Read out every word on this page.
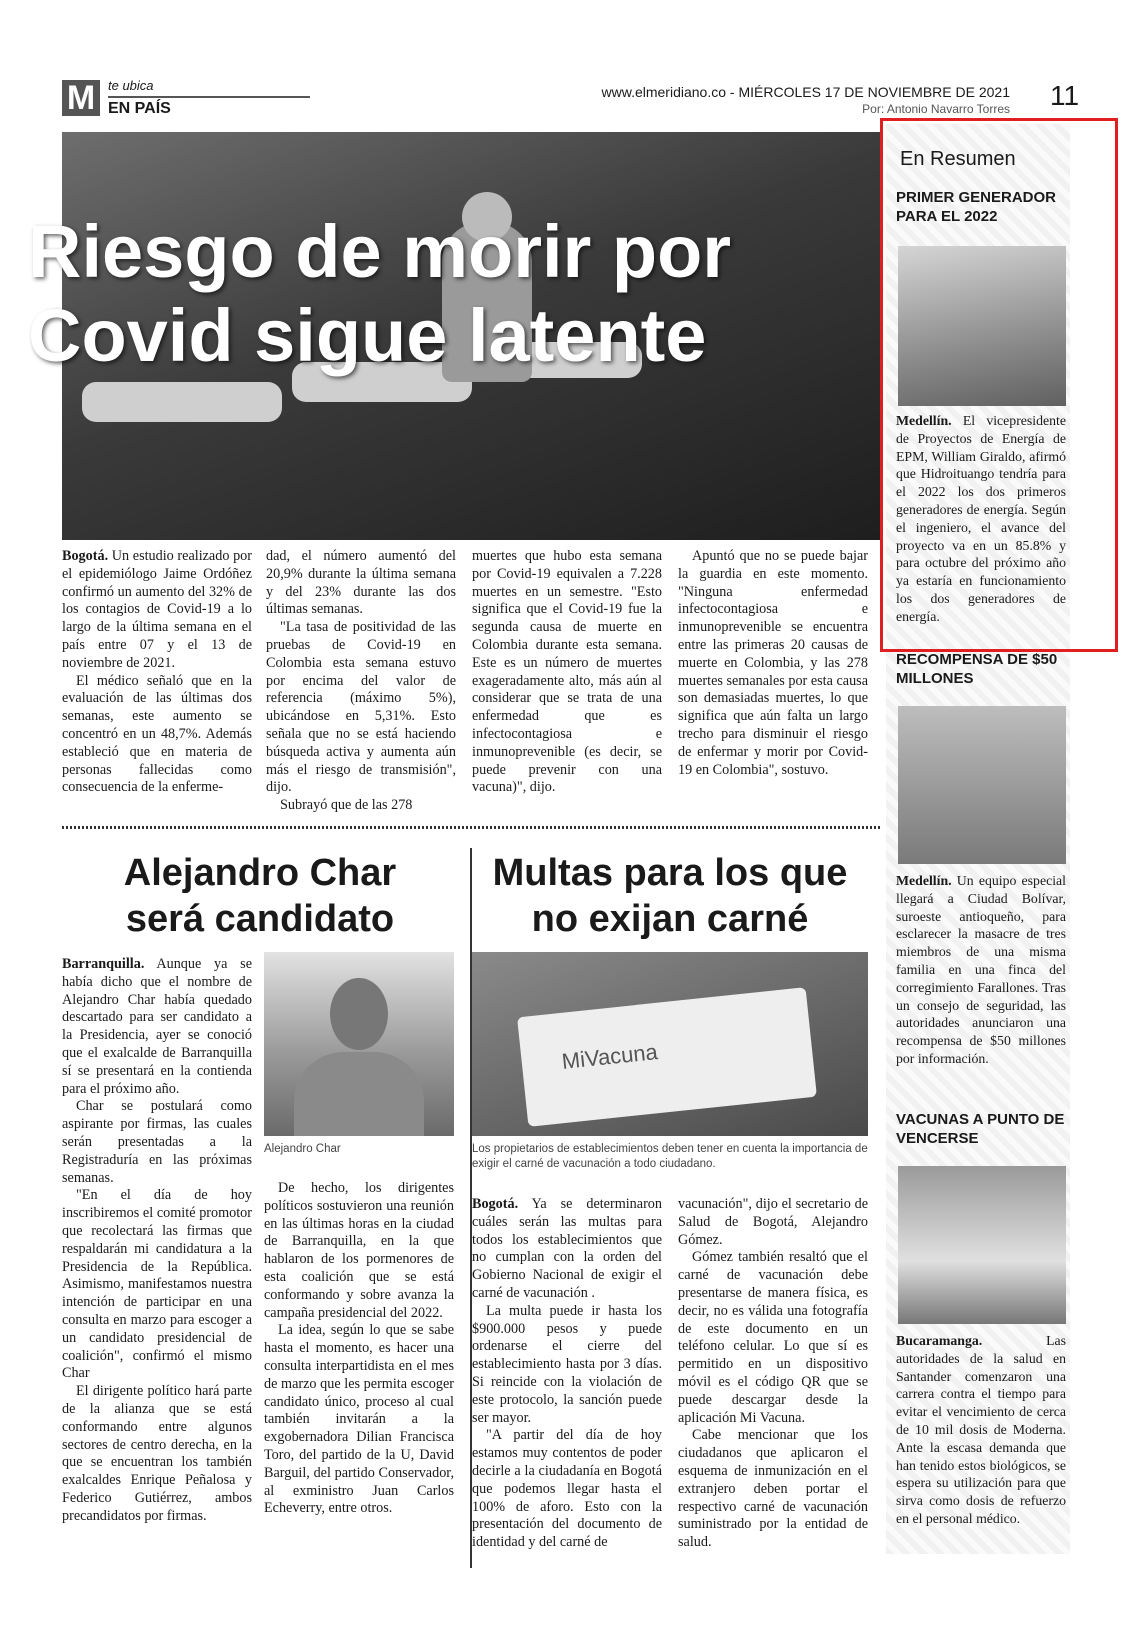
M te ubica
EN PAÍS
www.elmeridiano.co - MIÉRCOLES 17 DE NOVIEMBRE DE 2021
Por: Antonio Navarro Torres 11
Riesgo de morir por
Covid sigue latente

Bogotá. Un estudio realizado por el epidemiólogo Jaime Ordóñez confirmó un aumento del 32% de los contagios de Covid-19 a lo largo de la última semana en el país entre 07 y el 13 de noviembre de 2021.

El médico señaló que en la evaluación de las últimas dos semanas, este aumento se concentró en un 48,7%. Además estableció que en materia de personas fallecidas como consecuencia de la enferme-

dad, el número aumentó del 20,9% durante la última semana y del 23% durante las dos últimas semanas.

"La tasa de positividad de las pruebas de Covid-19 en Colombia esta semana estuvo por encima del valor de referencia (máximo 5%), ubicándose en 5,31%. Esto señala que no se está haciendo búsqueda activa y aumenta aún más el riesgo de transmisión", dijo.

Subrayó que de las 278

muertes que hubo esta semana por Covid-19 equivalen a 7.228 muertes en un semestre. "Esto significa que el Covid-19 fue la segunda causa de muerte en Colombia durante esta semana. Este es un número de muertes exageradamente alto, más aún al considerar que se trata de una enfermedad que es infectocontagiosa e inmunoprevenible (es decir, se puede prevenir con una vacuna)", dijo.

Apuntó que no se puede bajar la guardia en este momento. "Ninguna enfermedad infectocontagiosa e inmunoprevenible se encuentra entre las primeras 20 causas de muerte en Colombia, y las 278 muertes semanales por esta causa son demasiadas muertes, lo que significa que aún falta un largo trecho para disminuir el riesgo de enfermar y morir por Covid-19 en Colombia", sostuvo.

Alejandro Char
será candidato

Barranquilla. Aunque ya se había dicho que el nombre de Alejandro Char había quedado descartado para ser candidato a la Presidencia, ayer se conoció que el exalcalde de Barranquilla sí se presentará en la contienda para el próximo año.

Char se postulará como aspirante por firmas, las cuales serán presentadas a la Registraduría en las próximas semanas.

"En el día de hoy inscribiremos el comité promotor que recolectará las firmas que respaldarán mi candidatura a la Presidencia de la República. Asimismo, manifestamos nuestra intención de participar en una consulta en marzo para escoger a un candidato presidencial de coalición", confirmó el mismo Char

El dirigente político hará parte de la alianza que se está conformando entre algunos sectores de centro derecha, en la que se encuentran los también exalcaldes Enrique Peñalosa y Federico Gutiérrez, ambos precandidatos por firmas.

Alejandro Char

De hecho, los dirigentes políticos sostuvieron una reunión en las últimas horas en la ciudad de Barranquilla, en la que hablaron de los pormenores de esta coalición que se está conformando y sobre avanza la campaña presidencial del 2022.

La idea, según lo que se sabe hasta el momento, es hacer una consulta interpartidista en el mes de marzo que les permita escoger candidato único, proceso al cual también invitarán a la exgobernadora Dilian Francisca Toro, del partido de la U, David Barguil, del partido Conservador, al exministro Juan Carlos Echeverry, entre otros.

Multas para los que
no exijan carné
MiVacuna
Los propietarios de establecimientos deben tener en cuenta la importancia de exigir el carné de vacunación a todo ciudadano.

Bogotá. Ya se determinaron cuáles serán las multas para todos los establecimientos que no cumplan con la orden del Gobierno Nacional de exigir el carné de vacunación .

La multa puede ir hasta los $900.000 pesos y puede ordenarse el cierre del establecimiento hasta por 3 días. Si reincide con la violación de este protocolo, la sanción puede ser mayor.

"A partir del día de hoy estamos muy contentos de poder decirle a la ciudadanía en Bogotá que podemos llegar hasta el 100% de aforo. Esto con la presentación del documento de identidad y del carné de

vacunación", dijo el secretario de Salud de Bogotá, Alejandro Gómez.

Gómez también resaltó que el carné de vacunación debe presentarse de manera física, es decir, no es válida una fotografía de este documento en un teléfono celular. Lo que sí es permitido en un dispositivo móvil es el código QR que se puede descargar desde la aplicación Mi Vacuna.

Cabe mencionar que los ciudadanos que aplicaron el esquema de inmunización en el extranjero deben portar el respectivo carné de vacunación suministrado por la entidad de salud.

En Resumen
PRIMER GENERADOR PARA EL 2022
Medellín. El vicepresidente de Proyectos de Energía de EPM, William Giraldo, afirmó que Hidroituango tendría para el 2022 los dos primeros generadores de energía. Según el ingeniero, el avance del proyecto va en un 85.8% y para octubre del próximo año ya estaría en funcionamiento los dos generadores de energía.
RECOMPENSA DE $50 MILLONES
Medellín. Un equipo especial llegará a Ciudad Bolívar, suroeste antioqueño, para esclarecer la masacre de tres miembros de una misma familia en una finca del corregimiento Farallones. Tras un consejo de seguridad, las autoridades anunciaron una recompensa de $50 millones por información.
VACUNAS A PUNTO DE VENCERSE
Bucaramanga. Las autoridades de la salud en Santander comenzaron una carrera contra el tiempo para evitar el vencimiento de cerca de 10 mil dosis de Moderna. Ante la escasa demanda que han tenido estos biológicos, se espera su utilización para que sirva como dosis de refuerzo en el personal médico.
